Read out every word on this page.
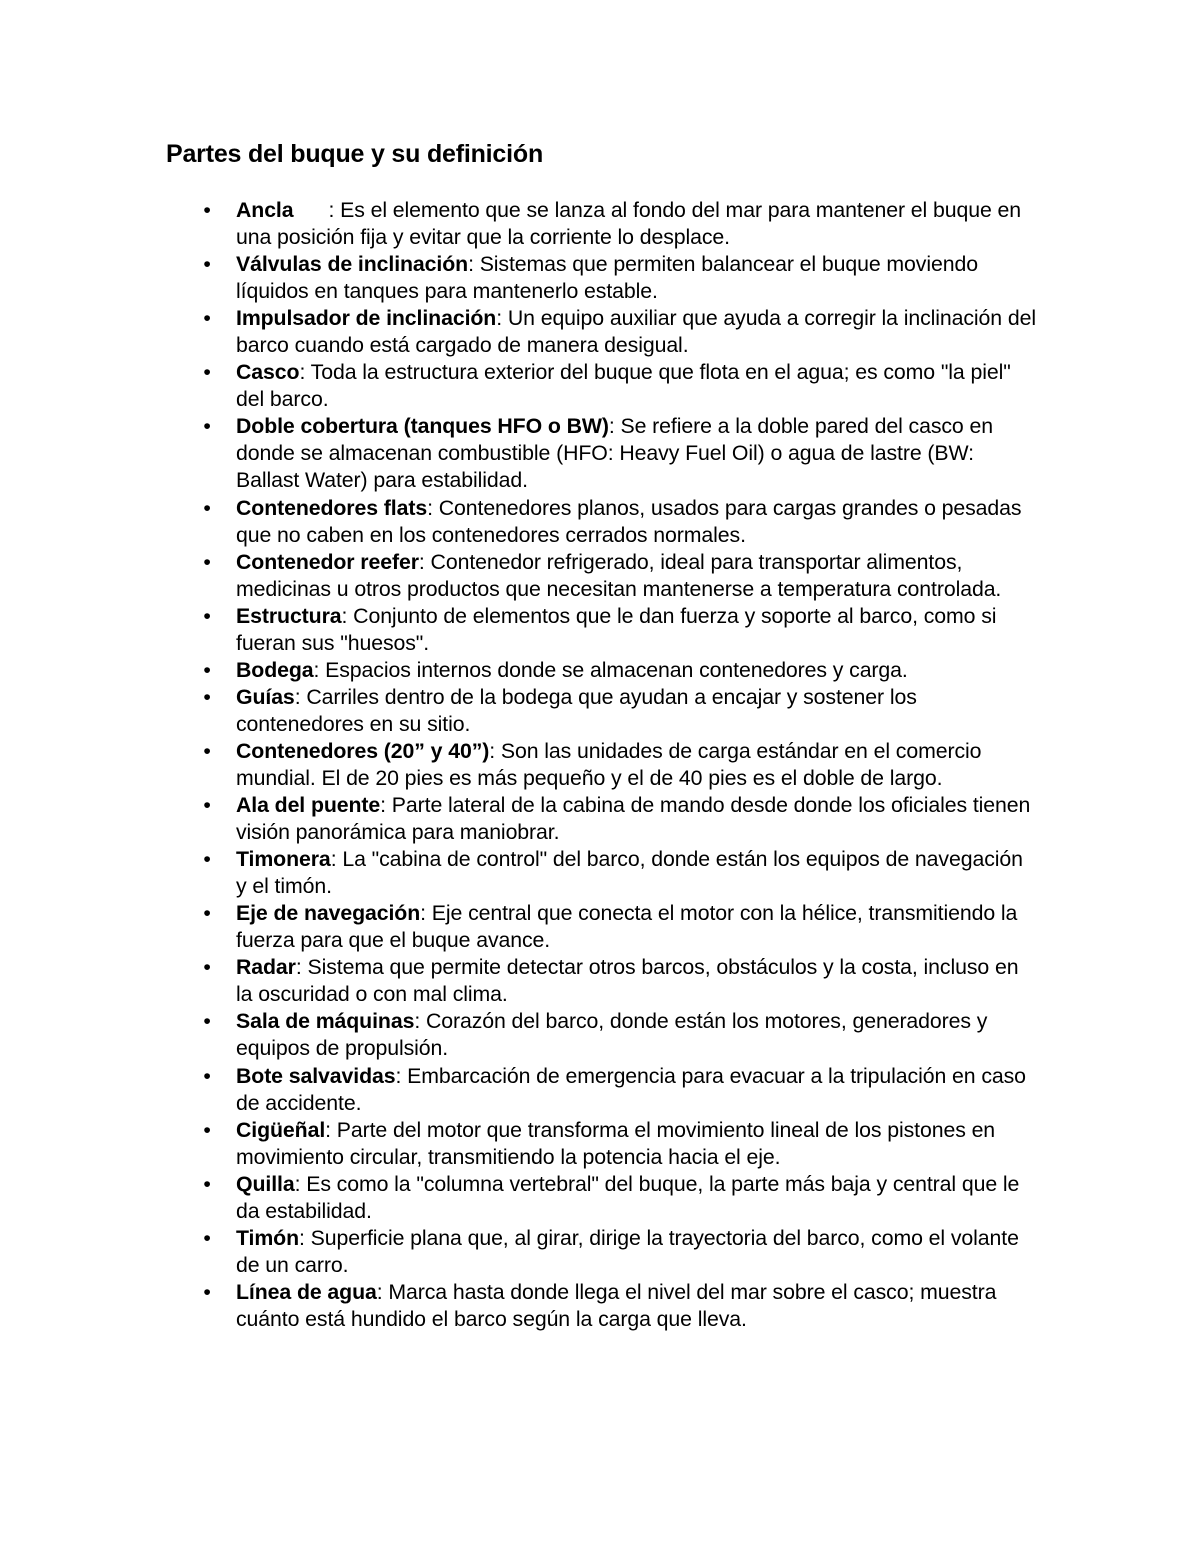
Partes del buque y su definición
• Ancla : Es el elemento que se lanza al fondo del mar para mantener el buque en una posición fija y evitar que la corriente lo desplace.
• Válvulas de inclinación: Sistemas que permiten balancear el buque moviendo líquidos en tanques para mantenerlo estable.
• Impulsador de inclinación: Un equipo auxiliar que ayuda a corregir la inclinación del barco cuando está cargado de manera desigual.
• Casco: Toda la estructura exterior del buque que flota en el agua; es como "la piel" del barco.
• Doble cobertura (tanques HFO o BW): Se refiere a la doble pared del casco en donde se almacenan combustible (HFO: Heavy Fuel Oil) o agua de lastre (BW: Ballast Water) para estabilidad.
• Contenedores flats: Contenedores planos, usados para cargas grandes o pesadas que no caben en los contenedores cerrados normales.
• Contenedor reefer: Contenedor refrigerado, ideal para transportar alimentos, medicinas u otros productos que necesitan mantenerse a temperatura controlada.
• Estructura: Conjunto de elementos que le dan fuerza y soporte al barco, como si fueran sus "huesos".
• Bodega: Espacios internos donde se almacenan contenedores y carga.
• Guías: Carriles dentro de la bodega que ayudan a encajar y sostener los contenedores en su sitio.
• Contenedores (20” y 40”): Son las unidades de carga estándar en el comercio mundial. El de 20 pies es más pequeño y el de 40 pies es el doble de largo.
• Ala del puente: Parte lateral de la cabina de mando desde donde los oficiales tienen visión panorámica para maniobrar.
• Timonera: La "cabina de control" del barco, donde están los equipos de navegación y el timón.
• Eje de navegación: Eje central que conecta el motor con la hélice, transmitiendo la fuerza para que el buque avance.
• Radar: Sistema que permite detectar otros barcos, obstáculos y la costa, incluso en la oscuridad o con mal clima.
• Sala de máquinas: Corazón del barco, donde están los motores, generadores y equipos de propulsión.
• Bote salvavidas: Embarcación de emergencia para evacuar a la tripulación en caso de accidente.
• Cigüeñal: Parte del motor que transforma el movimiento lineal de los pistones en movimiento circular, transmitiendo la potencia hacia el eje.
• Quilla: Es como la "columna vertebral" del buque, la parte más baja y central que le da estabilidad.
• Timón: Superficie plana que, al girar, dirige la trayectoria del barco, como el volante de un carro.
• Línea de agua: Marca hasta donde llega el nivel del mar sobre el casco; muestra cuánto está hundido el barco según la carga que lleva.
